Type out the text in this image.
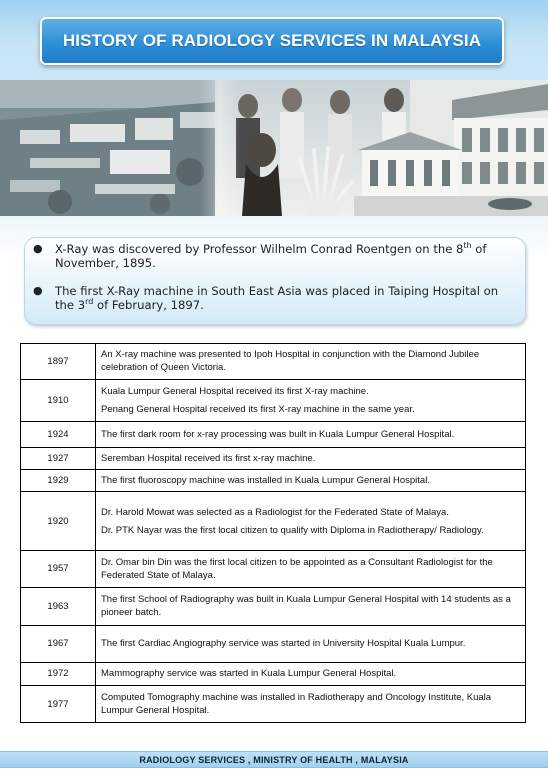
HISTORY OF RADIOLOGY SERVICES IN MALAYSIA
● X-Ray was discovered by Professor Wilhelm Conrad Roentgen on the 8th of November, 1895.
● The first X-Ray machine in South East Asia was placed in Taiping Hospital on the 3rd of February, 1897.
1897	An X-ray machine was presented to Ipoh Hospital in conjunction with the Diamond Jubilee celebration of Queen Victoria.

1910	Kuala Lumpur General Hospital received its first X-ray machine.
Penang General Hospital received its first X-ray machine in the same year.

1924	The first dark room for x-ray processing was built in Kuala Lumpur General Hospital.

1927	Seremban Hospital received its first x-ray machine.

1929	The first fluoroscopy machine was installed in Kuala Lumpur General Hospital.

1920	Dr. Harold Mowat was selected as a Radiologist for the Federated State of Malaya.
Dr. PTK Nayar was the first local citizen to qualify with Diploma in Radiotherapy/ Radiology.

1957	Dr. Omar bin Din was the first local citizen to be appointed as a Consultant Radiologist for the Federated State of Malaya.

1963	The first School of Radiography was built in Kuala Lumpur General Hospital with 14 students as a pioneer batch.

1967	The first Cardiac Angiography service was started in University Hospital Kuala Lumpur.

1972	Mammography service was started in Kuala Lumpur General Hospital.

1977	Computed Tomography machine was installed in Radiotherapy and Oncology Institute, Kuala Lumpur General Hospital.
RADIOLOGY SERVICES , MINISTRY OF HEALTH , MALAYSIA
